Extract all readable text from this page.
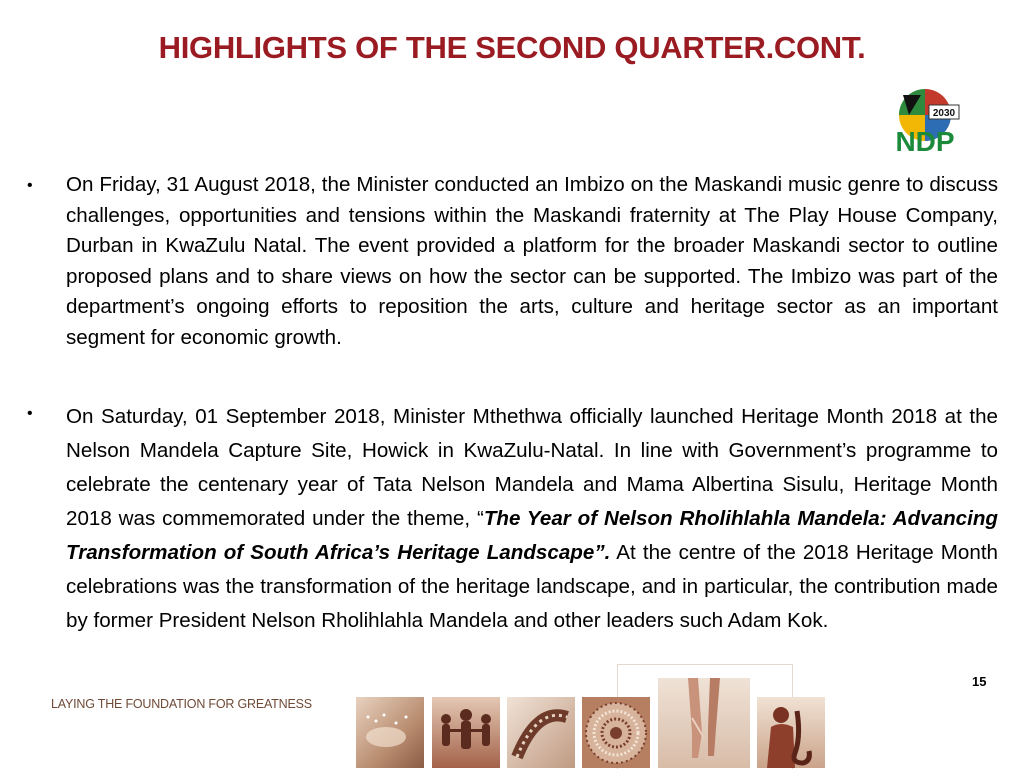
HIGHLIGHTS OF THE SECOND QUARTER.CONT.
2030
NDP
• On Friday, 31 August 2018, the Minister conducted an Imbizo on the Maskandi music genre to discuss challenges, opportunities and tensions within the Maskandi fraternity at The Play House Company, Durban in KwaZulu Natal. The event provided a platform for the broader Maskandi sector to outline proposed plans and to share views on how the sector can be supported. The Imbizo was part of the department’s ongoing efforts to reposition the arts, culture and heritage sector as an important segment for economic growth.
• On Saturday, 01 September 2018, Minister Mthethwa officially launched Heritage Month 2018 at the Nelson Mandela Capture Site, Howick in KwaZulu-Natal. In line with Government’s programme to celebrate the centenary year of Tata Nelson Mandela and Mama Albertina Sisulu, Heritage Month 2018 was commemorated under the theme, “The Year of Nelson Rholihlahla Mandela: Advancing Transformation of South Africa’s Heritage Landscape”. At the centre of the 2018 Heritage Month celebrations was the transformation of the heritage landscape, and in particular, the contribution made by former President Nelson Rholihlahla Mandela and other leaders such Adam Kok.
15
LAYING THE FOUNDATION FOR GREATNESS
